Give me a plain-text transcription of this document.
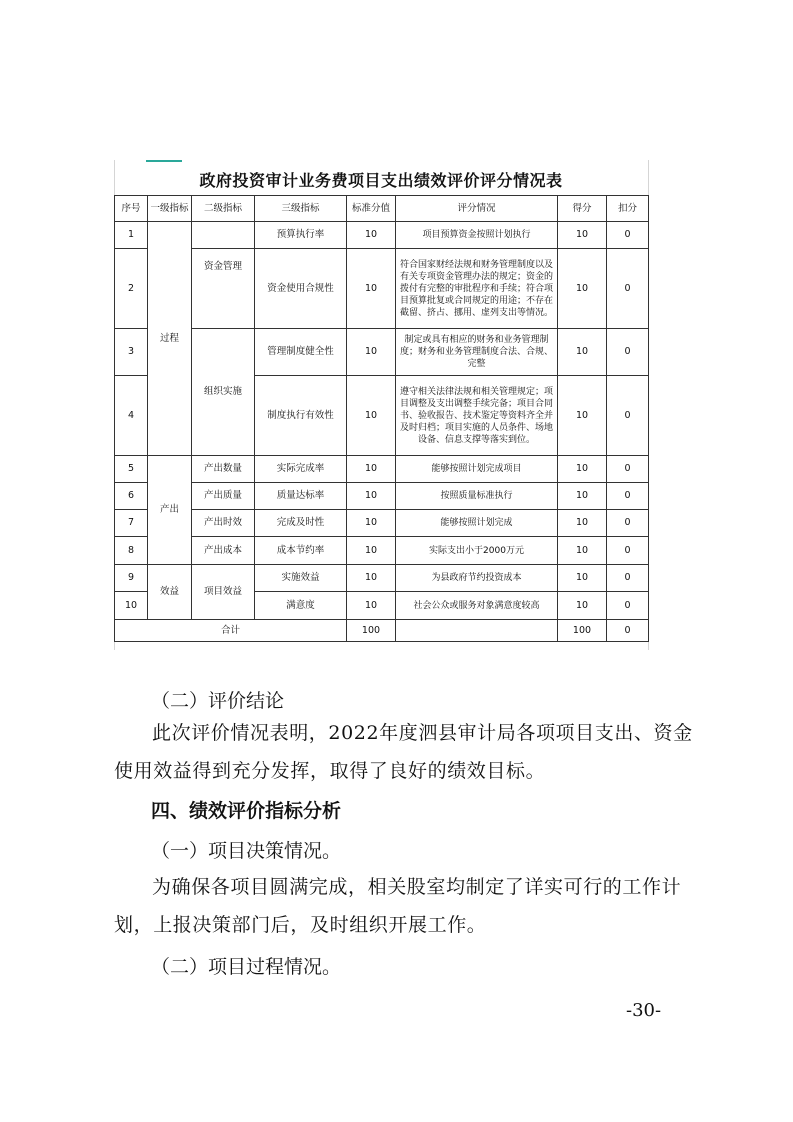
政府投资审计业务费项目支出绩效评价评分情况表
序号	一级指标	二级指标	三级指标	标准分值	评分情况	得分	扣分
1	过程		预算执行率	10	项目预算资金按照计划执行	10	0
2		资金管理	资金使用合规性	10	符合国家财经法规和财务管理制度以及有关专项资金管理办法的规定；资金的拨付有完整的审批程序和手续；符合项目预算批复或合同规定的用途；不存在截留、挤占、挪用、虚列支出等情况。	10	0
3		组织实施	管理制度健全性	10	制定或具有相应的财务和业务管理制度；财务和业务管理制度合法、合规、完整	10	0
4			制度执行有效性	10	遵守相关法律法规和相关管理规定；项目调整及支出调整手续完备；项目合同书、验收报告、技术鉴定等资料齐全并及时归档；项目实施的人员条件、场地设备、信息支撑等落实到位。	10	0
5	产出	产出数量	实际完成率	10	能够按照计划完成项目	10	0
6		产出质量	质量达标率	10	按照质量标准执行	10	0
7		产出时效	完成及时性	10	能够按照计划完成	10	0
8		产出成本	成本节约率	10	实际支出小于2000万元	10	0
9	效益	项目效益	实施效益	10	为县政府节约投资成本	10	0
10			满意度	10	社会公众或服务对象满意度较高	10	0
合计				100		100	0
（二）评价结论
此次评价情况表明，2022年度泗县审计局各项项目支出、资金使用效益得到充分发挥，取得了良好的绩效目标。
四、绩效评价指标分析
（一）项目决策情况。
为确保各项目圆满完成，相关股室均制定了详实可行的工作计划，上报决策部门后，及时组织开展工作。
（二）项目过程情况。
-30-
